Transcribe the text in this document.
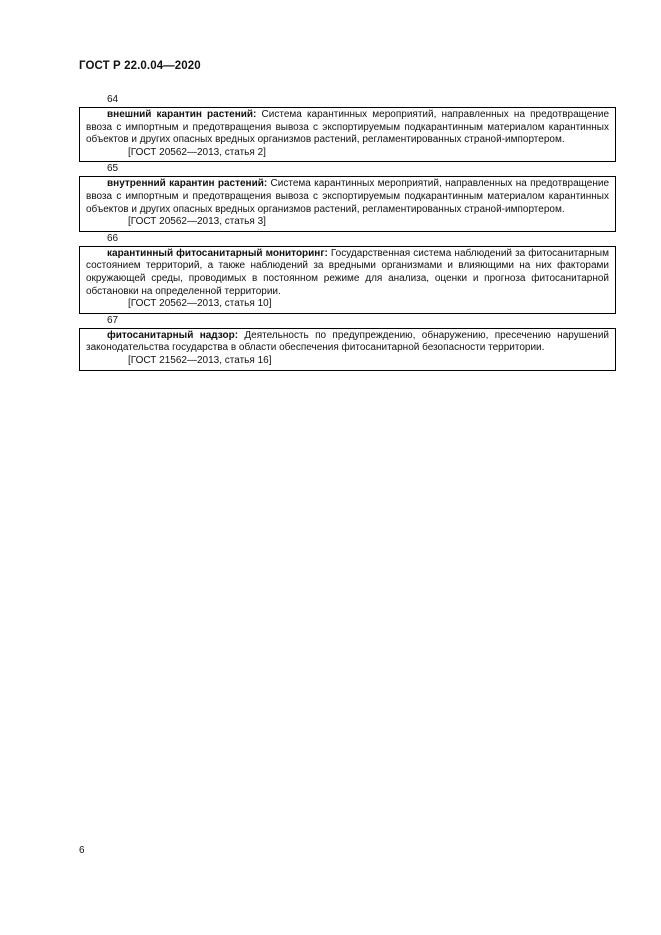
ГОСТ Р 22.0.04—2020
64

внешний карантин растений: Система карантинных мероприятий, направленных на предотвращение ввоза с импортным и предотвращения вывоза с экспортируемым подкарантинным материалом карантинных объектов и других опасных вредных организмов растений, регламентированных страной-импортером.

[ГОСТ 20562—2013, статья 2]

65

внутренний карантин растений: Система карантинных мероприятий, направленных на предотвращение ввоза с импортным и предотвращения вывоза с экспортируемым подкарантинным материалом карантинных объектов и других опасных вредных организмов растений, регламентированных страной-импортером.

[ГОСТ 20562—2013, статья 3]

66

карантинный фитосанитарный мониторинг: Государственная система наблюдений за фитосанитарным состоянием территорий, а также наблюдений за вредными организмами и влияющими на них факторами окружающей среды, проводимых в постоянном режиме для анализа, оценки и прогноза фитосанитарной обстановки на определенной территории.

[ГОСТ 20562—2013, статья 10]

67

фитосанитарный надзор: Деятельность по предупреждению, обнаружению, пресечению нарушений законодательства государства в области обеспечения фитосанитарной безопасности территории.

[ГОСТ 21562—2013, статья 16]

6
